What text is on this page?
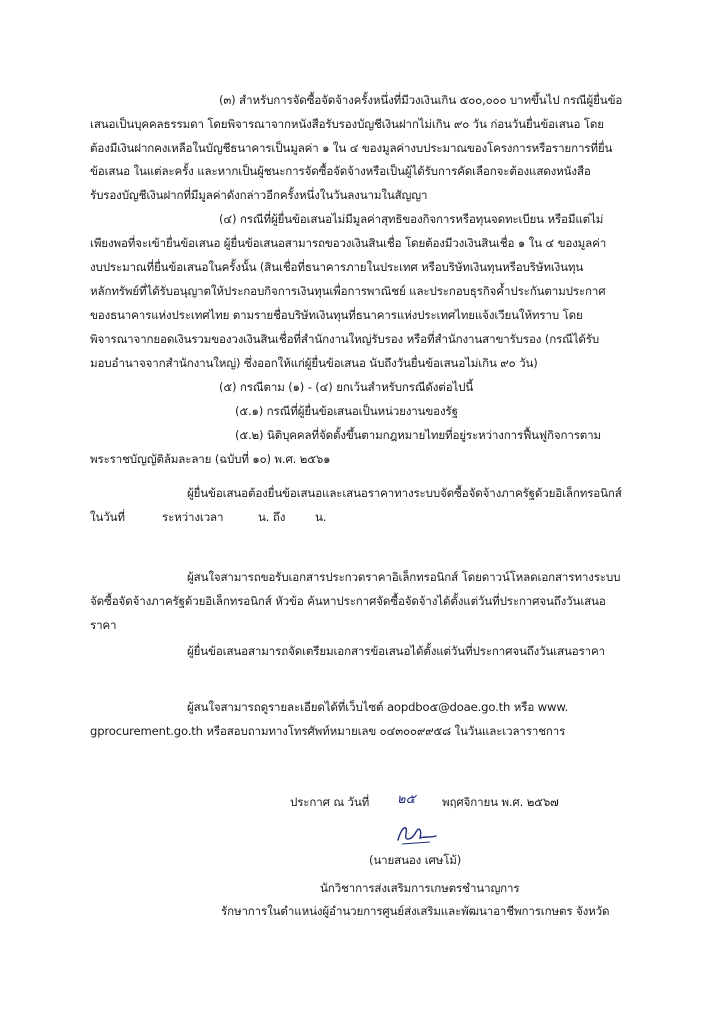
(๓) สำหรับการจัดซื้อจัดจ้างครั้งหนึ่งที่มีวงเงินเกิน ๕๐๐,๐๐๐ บาทขึ้นไป กรณีผู้ยื่นข้อ
เสนอเป็นบุคคลธรรมดา โดยพิจารณาจากหนังสือรับรองบัญชีเงินฝากไม่เกิน ๙๐ วัน ก่อนวันยื่นข้อเสนอ โดย
ต้องมีเงินฝากคงเหลือในบัญชีธนาคารเป็นมูลค่า ๑ ใน ๔ ของมูลค่างบประมาณของโครงการหรือรายการที่ยื่น
ข้อเสนอ ในแต่ละครั้ง และหากเป็นผู้ชนะการจัดซื้อจัดจ้างหรือเป็นผู้ได้รับการคัดเลือกจะต้องแสดงหนังสือ
รับรองบัญชีเงินฝากที่มีมูลค่าดังกล่าวอีกครั้งหนึ่งในวันลงนามในสัญญา
(๔) กรณีที่ผู้ยื่นข้อเสนอไม่มีมูลค่าสุทธิของกิจการหรือทุนจดทะเบียน หรือมีแต่ไม่
เพียงพอที่จะเข้ายื่นข้อเสนอ ผู้ยื่นข้อเสนอสามารถขอวงเงินสินเชื่อ โดยต้องมีวงเงินสินเชื่อ ๑ ใน ๔ ของมูลค่า
งบประมาณที่ยื่นข้อเสนอในครั้งนั้น (สินเชื่อที่ธนาคารภายในประเทศ หรือบริษัทเงินทุนหรือบริษัทเงินทุน
หลักทรัพย์ที่ได้รับอนุญาตให้ประกอบกิจการเงินทุนเพื่อการพาณิชย์ และประกอบธุรกิจค้ำประกันตามประกาศ
ของธนาคารแห่งประเทศไทย ตามรายชื่อบริษัทเงินทุนที่ธนาคารแห่งประเทศไทยแจ้งเวียนให้ทราบ โดย
พิจารณาจากยอดเงินรวมของวงเงินสินเชื่อที่สำนักงานใหญ่รับรอง หรือที่สำนักงานสาขารับรอง (กรณีได้รับ
มอบอำนาจจากสำนักงานใหญ่) ซึ่งออกให้แก่ผู้ยื่นข้อเสนอ นับถึงวันยื่นข้อเสนอไม่เกิน ๙๐ วัน)
(๕) กรณีตาม (๑) - (๔) ยกเว้นสำหรับกรณีดังต่อไปนี้
(๕.๑) กรณีที่ผู้ยื่นข้อเสนอเป็นหน่วยงานของรัฐ
(๕.๒) นิติบุคคลที่จัดตั้งขึ้นตามกฎหมายไทยที่อยู่ระหว่างการฟื้นฟูกิจการตาม
พระราชบัญญัติล้มละลาย (ฉบับที่ ๑๐) พ.ศ. ๒๕๖๑
ผู้ยื่นข้อเสนอต้องยื่นข้อเสนอและเสนอราคาทางระบบจัดซื้อจัดจ้างภาครัฐด้วยอิเล็กทรอนิกส์
ในวันที่	ระหว่างเวลา	น. ถึง	น.
ผู้สนใจสามารถขอรับเอกสารประกวดราคาอิเล็กทรอนิกส์ โดยดาวน์โหลดเอกสารทางระบบ
จัดซื้อจัดจ้างภาครัฐด้วยอิเล็กทรอนิกส์ หัวข้อ ค้นหาประกาศจัดซื้อจัดจ้างได้ตั้งแต่วันที่ประกาศจนถึงวันเสนอ
ราคา
ผู้ยื่นข้อเสนอสามารถจัดเตรียมเอกสารข้อเสนอได้ตั้งแต่วันที่ประกาศจนถึงวันเสนอราคา
ผู้สนใจสามารถดูรายละเอียดได้ที่เว็บไซต์ aopdbo๕@doae.go.th หรือ www.
gprocurement.go.th หรือสอบถามทางโทรศัพท์หมายเลข ๐๔๓๐๐๙๙๕๘ ในวันและเวลาราชการ
ประกาศ ณ วันที่ ๒๕ พฤศจิกายน พ.ศ. ๒๕๖๗
(นายสนอง เศษโม้)
นักวิชาการส่งเสริมการเกษตรชำนาญการ
รักษาการในตำแหน่งผู้อำนวยการศูนย์ส่งเสริมและพัฒนาอาชีพการเกษตร จังหวัด
